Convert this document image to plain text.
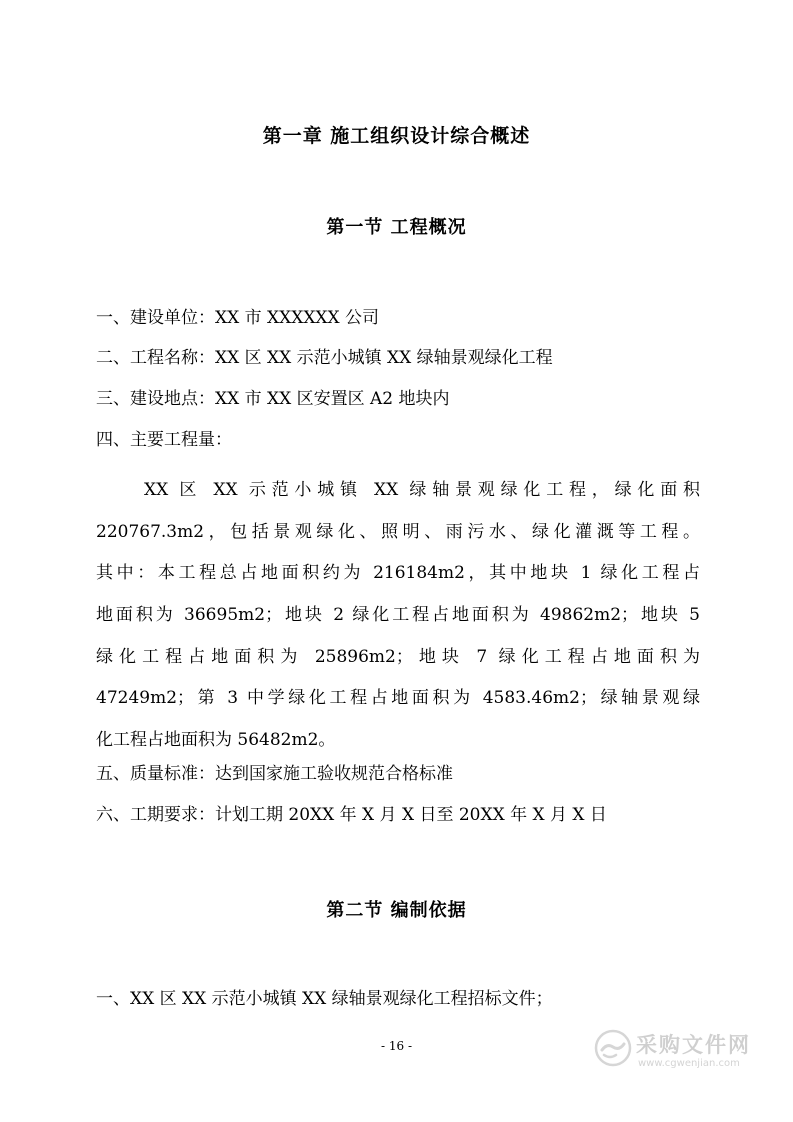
第一章 施工组织设计综合概述
第一节 工程概况
一、建设单位：XX 市 XXXXXX 公司
二、工程名称：XX 区 XX 示范小城镇 XX 绿轴景观绿化工程
三、建设地点：XX 市 XX 区安置区 A2 地块内
四、主要工程量：
XX 区 XX 示范小城镇 XX 绿轴景观绿化工程，绿化面积
220767.3m2，包括景观绿化、照明、雨污水、绿化灌溉等工程。
其中：本工程总占地面积约为 216184m2，其中地块 1 绿化工程占
地面积为 36695m2；地块 2 绿化工程占地面积为 49862m2；地块 5
绿化工程占地面积为 25896m2；地块 7 绿化工程占地面积为
47249m2；第 3 中学绿化工程占地面积为 4583.46m2；绿轴景观绿
化工程占地面积为 56482m2。
五、质量标准：达到国家施工验收规范合格标准
六、工期要求：计划工期 20XX 年 X 月 X 日至 20XX 年 X 月 X 日
第二节 编制依据
一、XX 区 XX 示范小城镇 XX 绿轴景观绿化工程招标文件；
- 16 -	采购文件网
www.cgwenjian.com
